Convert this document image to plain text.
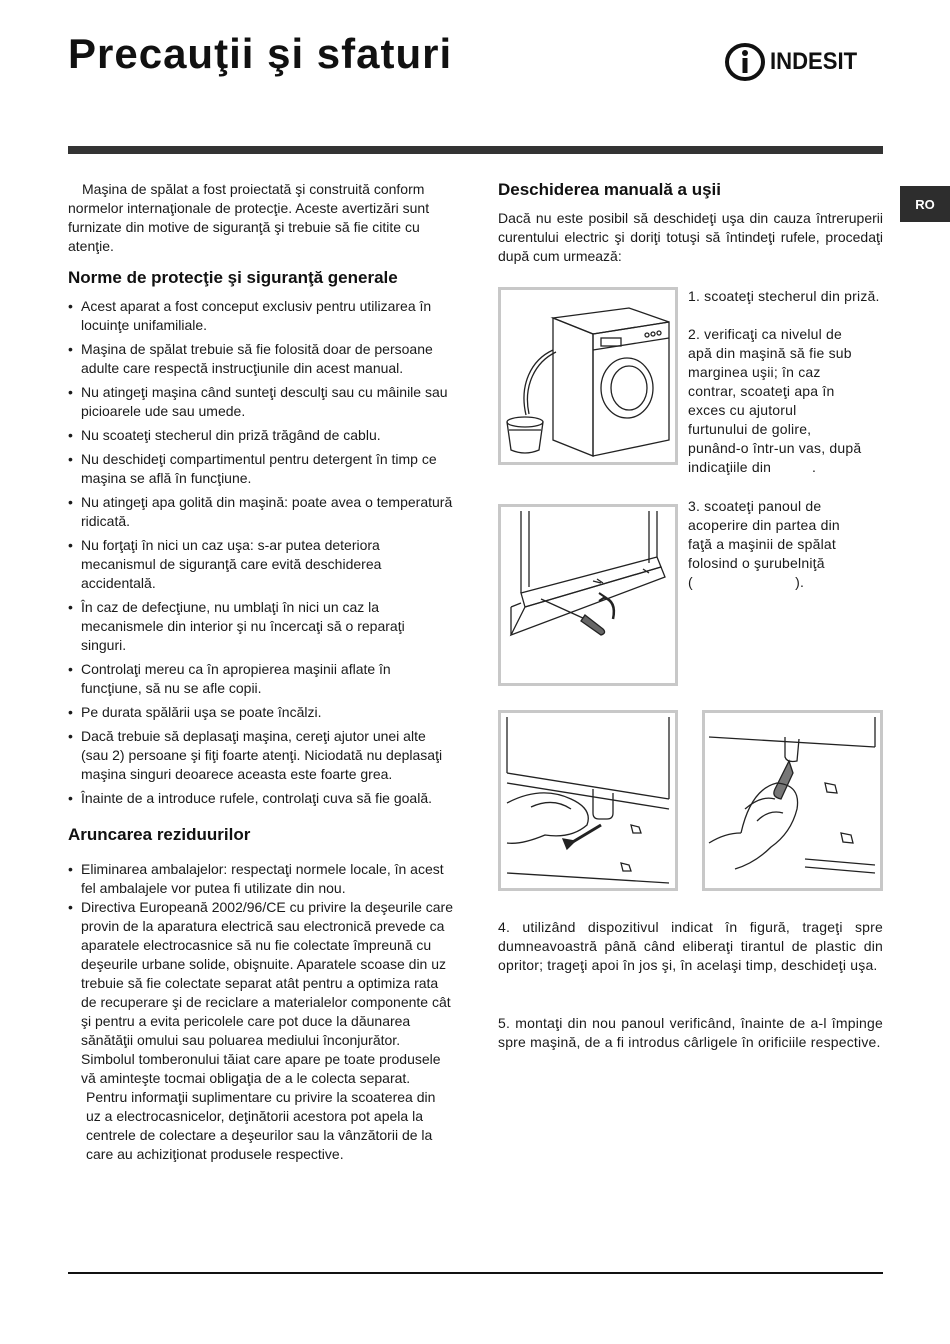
Precauţii şi sfaturi	INDESIT
RO

Maşina de spălat a fost proiectată şi construită conform normelor internaţionale de protecţie. Aceste avertizări sunt furnizate din motive de siguranţă şi trebuie să fie citite cu atenţie.

Norme de protecţie şi siguranţă generale
• Acest aparat a fost conceput exclusiv pentru utilizarea în locuinţe unifamiliale.
• Maşina de spălat trebuie să fie folosită doar de persoane adulte care respectă instrucţiunile din acest manual.
• Nu atingeţi maşina când sunteţi desculţi sau cu mâinile sau picioarele ude sau umede.
• Nu scoateţi stecherul din priză trăgând de cablu.
• Nu deschideţi compartimentul pentru detergent în timp ce maşina se află în funcţiune.
• Nu atingeţi apa golită din maşină: poate avea o temperatură ridicată.
• Nu forţaţi în nici un caz uşa: s-ar putea deteriora mecanismul de siguranţă care evită deschiderea accidentală.
• În caz de defecţiune, nu umblaţi în nici un caz la mecanismele din interior şi nu încercaţi să o reparaţi singuri.
• Controlaţi mereu ca în apropierea maşinii aflate în funcţiune, să nu se afle copii.
• Pe durata spălării uşa se poate încălzi.
• Dacă trebuie să deplasaţi maşina, cereţi ajutor unei alte (sau 2) persoane şi fiţi foarte atenţi. Niciodată nu deplasaţi maşina singuri deoarece aceasta este foarte grea.
• Înainte de a introduce rufele, controlaţi cuva să fie goală.
Aruncarea reziduurilor
• Eliminarea ambalajelor: respectaţi normele locale, în acest fel ambalajele vor putea fi utilizate din nou.
• Directiva Europeană 2002/96/CE cu privire la deşeurile care provin de la aparatura electrică sau electronică prevede ca aparatele electrocasnice să nu fie colectate împreună cu deşeurile urbane solide, obişnuite. Aparatele scoase din uz trebuie să fie colectate separat atât pentru a optimiza rata de recuperare şi de reciclare a materialelor componente cât şi pentru a evita pericolele care pot duce la dăunarea sănătăţii omului sau poluarea mediului înconjurător. Simbolul tomberonului tăiat care apare pe toate produsele vă aminteşte tocmai obligaţia de a le colecta separat.

Pentru informaţii suplimentare cu privire la scoaterea din uz a electrocasnicelor, deţinătorii acestora pot apela la centrele de colectare a deşeurilor sau la vânzătorii de la care au achiziţionat produsele respective.

Deschiderea manuală a uşii

Dacă nu este posibil să deschideţi uşa din cauza întreruperii curentului electric şi doriţi totuşi să întindeţi rufele, procedaţi după cum urmează:

1. scoateţi stecherul din priză.
2. verificaţi ca nivelul de
apă din maşină să fie sub
marginea uşii; în caz
contrar, scoateţi apa în
exces cu ajutorul
furtunului de golire,
punând-o într-un vas, după
indicaţiile din          .
3. scoateţi panoul de
acoperire din partea din
faţă a maşinii de spălat
folosind o şurubelniţă
(                         ).
4. utilizând dispozitivul indicat în figură, trageţi spre dumneavoastră până când eliberaţi tirantul de plastic din opritor; trageţi apoi în jos şi, în acelaşi timp, deschideţi uşa.
5. montaţi din nou panoul verificând, înainte de a-l împinge spre maşină, de a fi introdus cârligele în orificiile respective.
